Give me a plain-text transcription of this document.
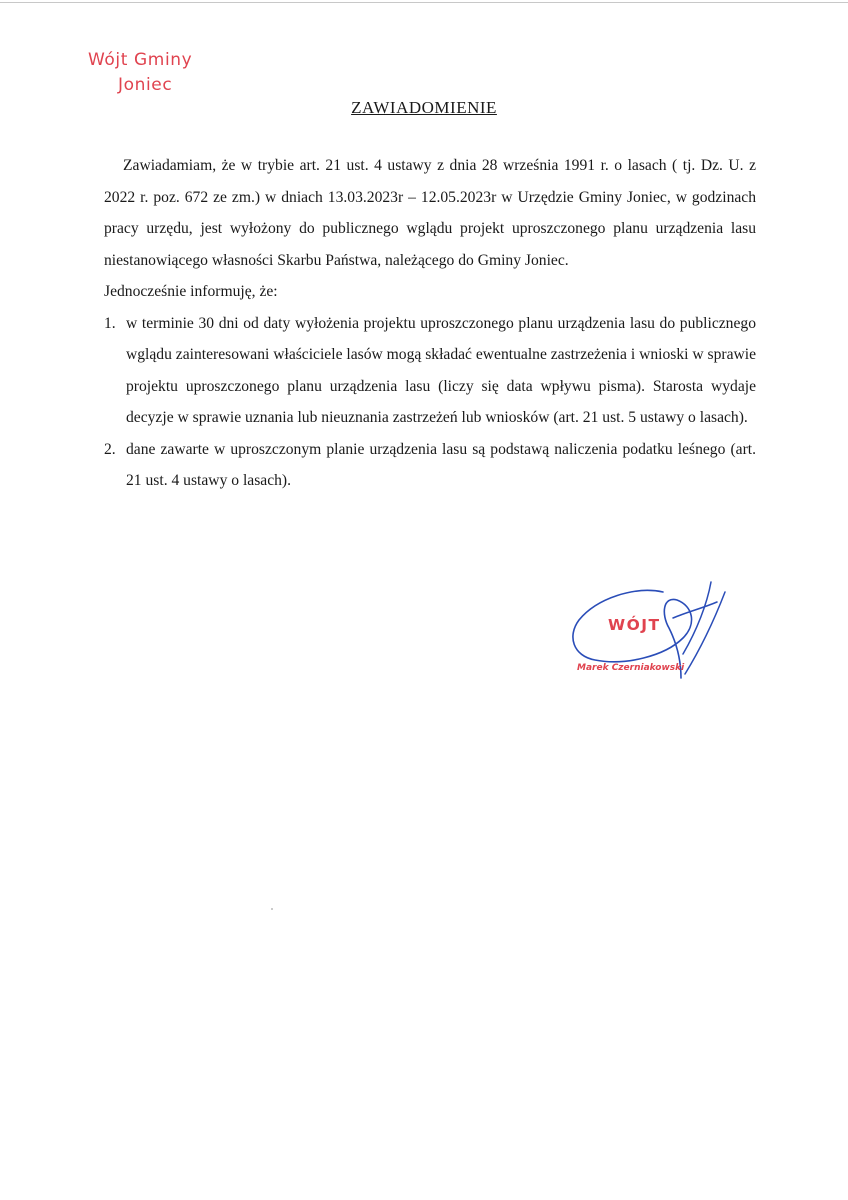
Wójt Gminy
Joniec
ZAWIADOMIENIE

Zawiadamiam, że w trybie art. 21 ust. 4 ustawy z dnia 28 września 1991 r. o lasach ( tj. Dz. U. z 2022 r. poz. 672 ze zm.) w dniach 13.03.2023r – 12.05.2023r w Urzędzie Gminy Joniec, w godzinach pracy urzędu, jest wyłożony do publicznego wglądu projekt uproszczonego planu urządzenia lasu niestanowiącego własności Skarbu Państwa, należącego do Gminy Joniec.

Jednocześnie informuję, że:

1. w terminie 30 dni od daty wyłożenia projektu uproszczonego planu urządzenia lasu do publicznego wglądu zainteresowani właściciele lasów mogą składać ewentualne zastrzeżenia i wnioski w sprawie projektu uproszczonego planu urządzenia lasu (liczy się data wpływu pisma). Starosta wydaje decyzje w sprawie uznania lub nieuznania zastrzeżeń lub wniosków (art. 21 ust. 5 ustawy o lasach).
2. dane zawarte w uproszczonym planie urządzenia lasu są podstawą naliczenia podatku leśnego (art. 21 ust. 4 ustawy o lasach).
WÓJT
Marek Czerniakowski
